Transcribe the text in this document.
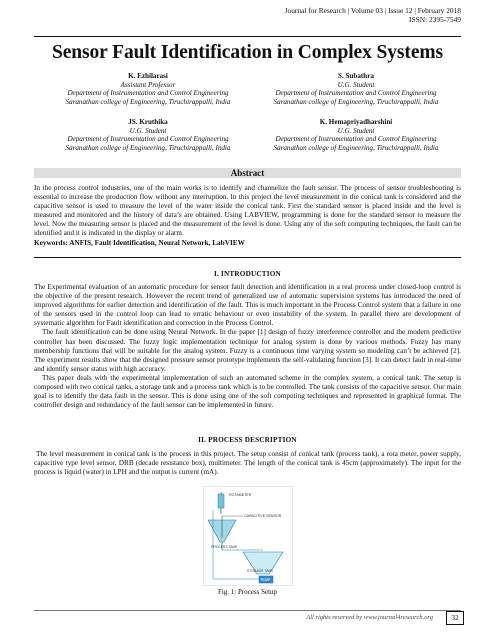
Journal for Research | Volume 03 | Issue 12 | February 2018
ISSN: 2395-7549
Sensor Fault Identification in Complex Systems
K. Ezhilarasi
Assistant Professor
Department of Instrumentation and Control Engineering
Saranathan college of Engineering, Tiruchirappalli, India
S. Subathra
U.G. Student
Department of Instrumentation and Control Engineering
Saranathan college of Engineering, Tiruchirappalli, India
JS. Kruthika
U.G. Student
Department of Instrumentation and Control Engineering
Saranathan college of Engineering, Tiruchirappalli, India
K. Hemapriyadharshini
U.G. Student
Department of Instrumentation and Control Engineering
Saranathan college of Engineering, Tiruchirappalli, India
Abstract
In the process control industries, one of the main works is to identify and channelize the fault sensor. The process of sensor troubleshooting is essential to increase the production flow without any interruption. In this project the level measurement in the conical tank is considered and the capacitive sensor is used to measure the level of the water inside the conical tank. First the standard sensor is placed inside and the level is measured and monitored and the history of data’s are obtained. Using LABVIEW, programming is done for the standard sensor to measure the level. Now the measuring sensor is placed and the measurement of the level is done. Using any of the soft computing techniques, the fault can be identified and it is indicated in the display or alarm.
Keywords: ANFIS, Fault Identification, Neural Network, LabVIEW
I. INTRODUCTION
The Experimental evaluation of an automatic procedure for sensor fault detection and identification in a real process under closed-loop control is the objective of the present research. However the recent trend of generalized use of automatic supervision systems has introduced the need of improved algorithms for earlier detection and identification of the fault. This is much important in the Process Control system that a failure in one of the sensors used in the control loop can lead to erratic behaviour or even instability of the system. In parallel there are development of systematic algorithm for Fault identification and correction in the Process Control.
The fault identification can be done using Neural Network. In the paper [1] design of fuzzy interference controller and the modern predictive controller has been discussed. The fuzzy logic implementation technique for analog system is done by various methods. Fuzzy has many membership functions that will be suitable for the analog system. Fuzzy is a continuous time varying system so modeling can’t be achieved [2]. The experiment results show that the designed pressure sensor prototype implements the self-validating function [3]. It can detect fault in real-time and identify sensor status with high accuracy.
This paper deals with the experimental implementation of such an automated scheme in the complex system, a conical tank. The setup is composed with two conical tanks, a storage tank and a process tank which is to be controlled. The tank consists of the capacitive sensor. Our main goal is to identify the data fault in the sensor. This is done using one of the soft computing techniques and represented in graphical format. The controller design and redundancy of the fault sensor can be implemented in future.
II. PROCESS DESCRIPTION
The level measurement in conical tank is the process in this project. The setup consist of conical tank (process tank), a rota meter, power supply, capacitive type level sensor, DRB (decade resistance box), multimeter. The length of the conical tank is 45cm (approximately). The input for the process is liquid (water) in LPH and the output is current (mA).
ROTAMETER
CAPACITIVE SENSOR
PROCESS TANK
STORAGE TANK
PUMP
Fig. 1: Process Setup
All rights reserved by www.journal4research.org	32
